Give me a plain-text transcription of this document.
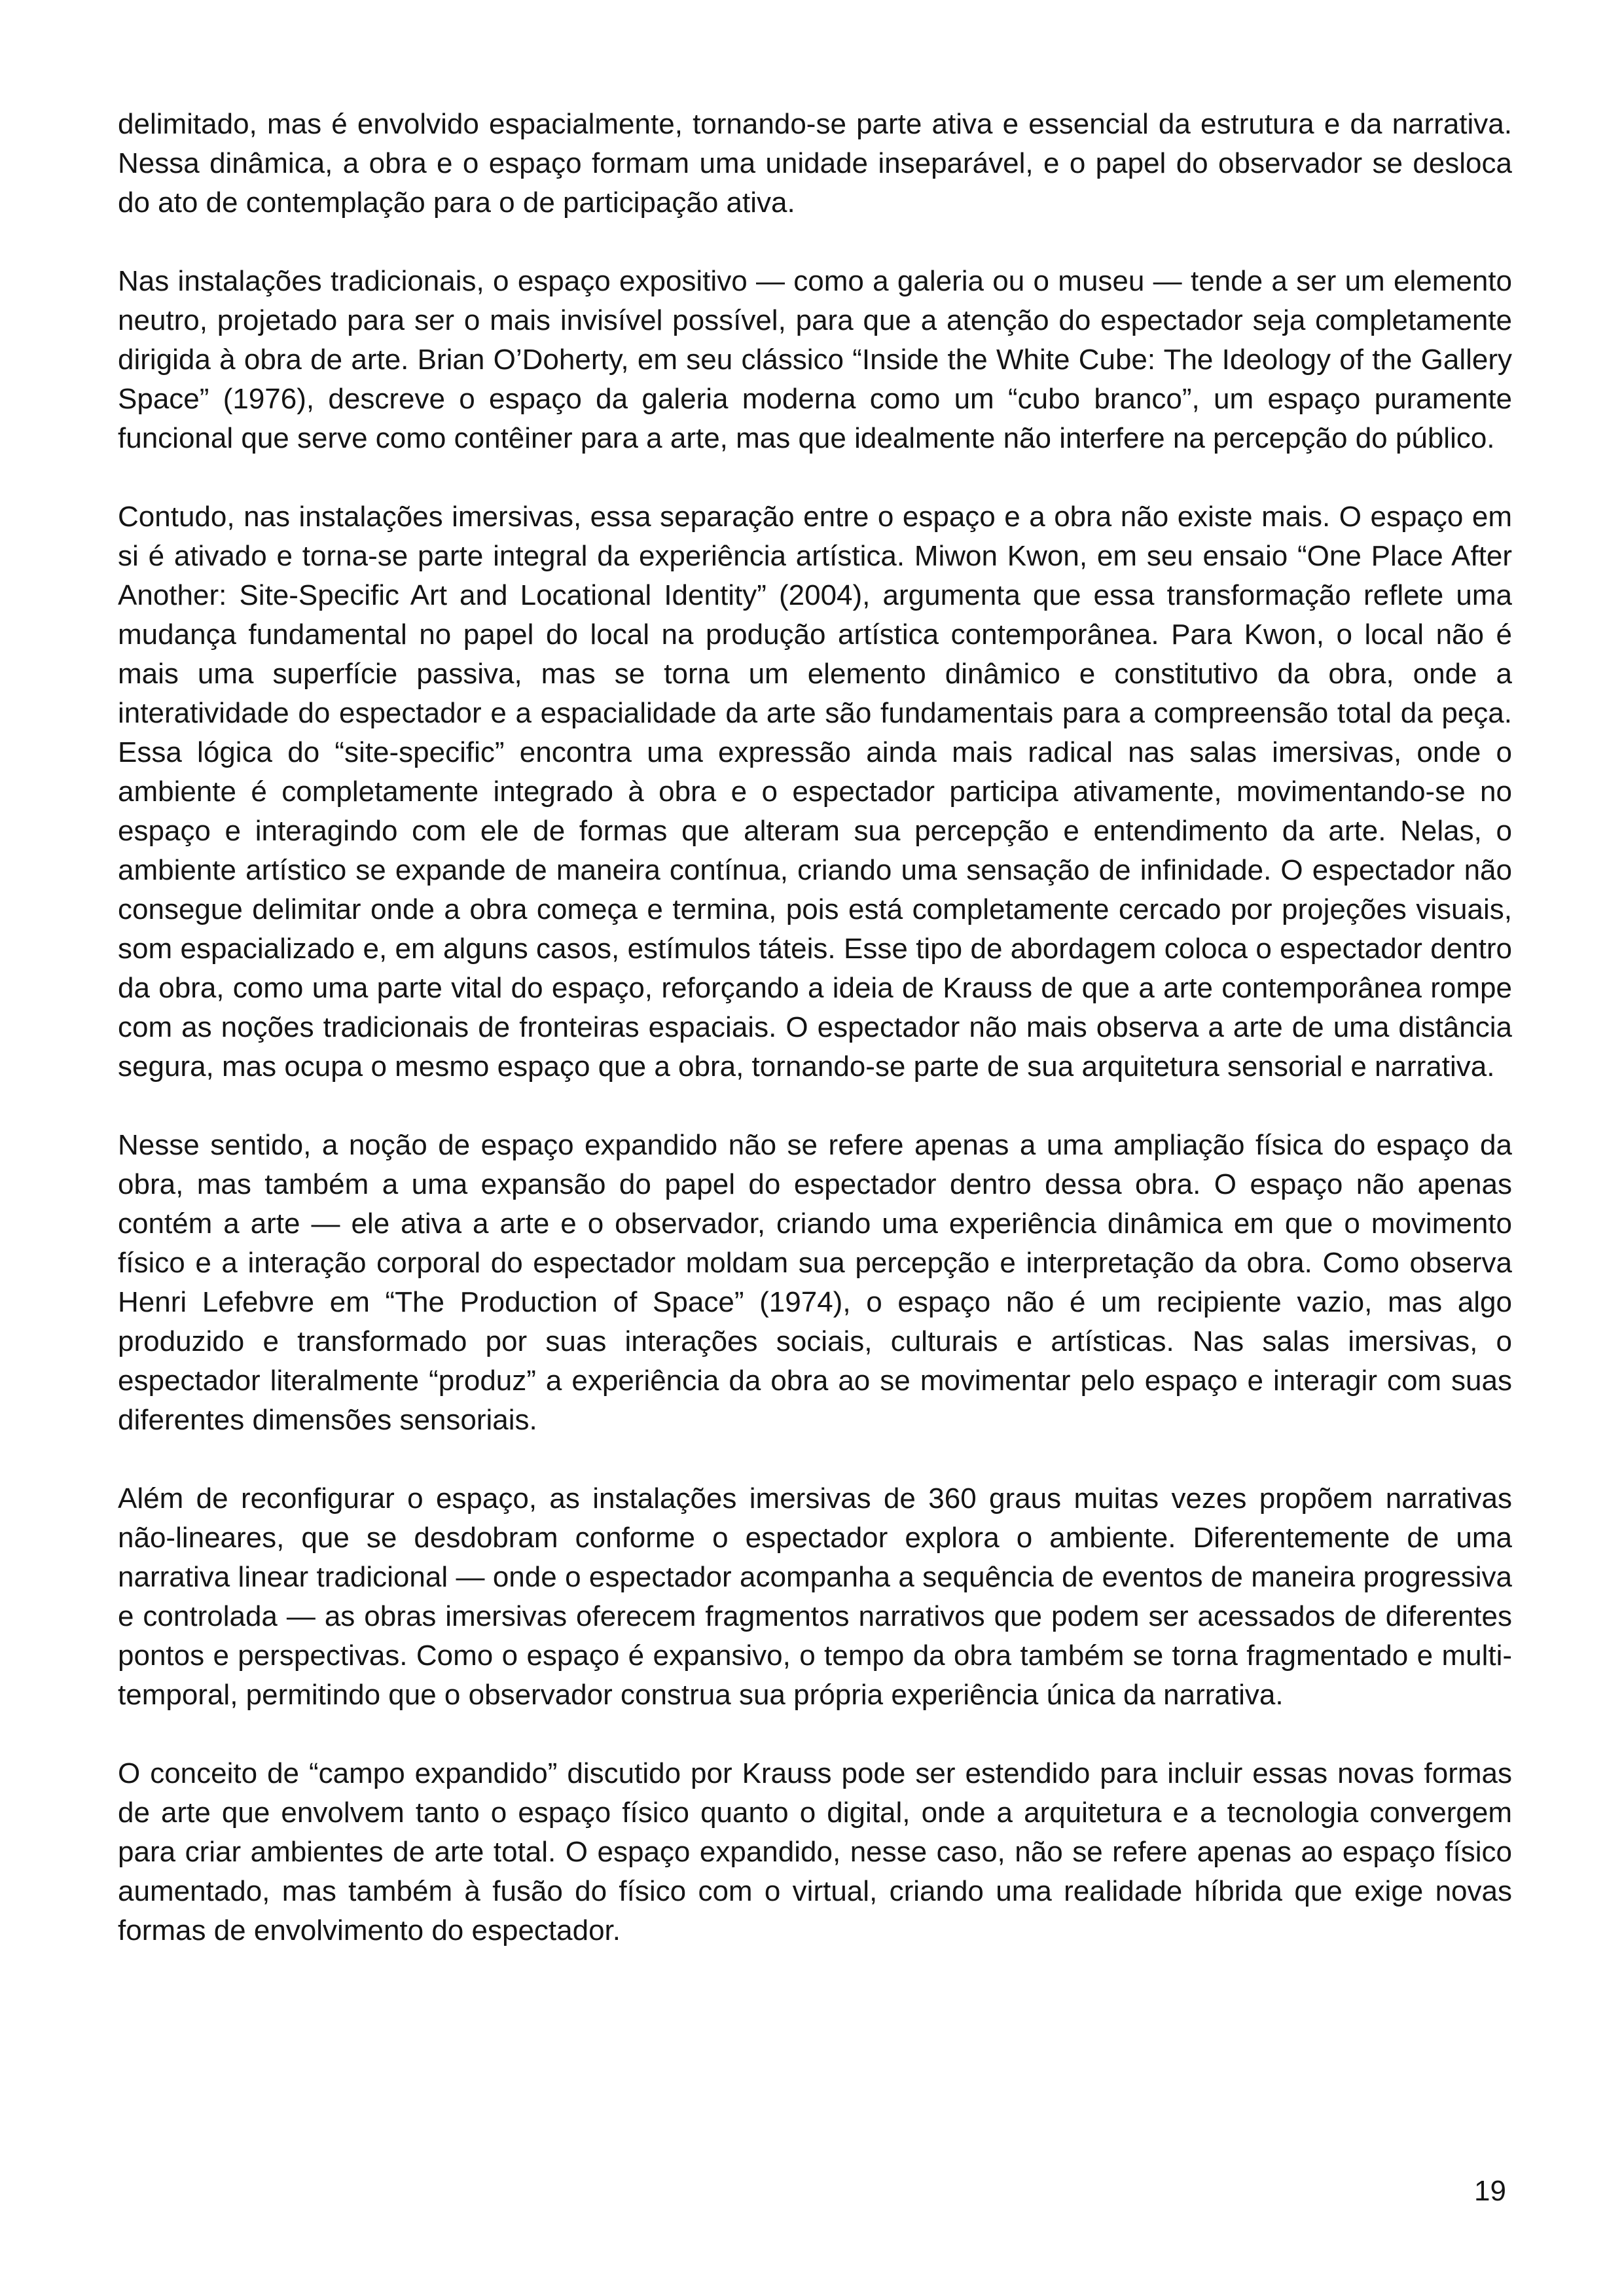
delimitado, mas é envolvido espacialmente, tornando-se parte ativa e essencial da estrutura e da narrativa. Nessa dinâmica, a obra e o espaço formam uma unidade inseparável, e o papel do observador se desloca do ato de contemplação para o de participação ativa.

Nas instalações tradicionais, o espaço expositivo — como a galeria ou o museu — tende a ser um elemento neutro, projetado para ser o mais invisível possível, para que a atenção do espectador seja completamente dirigida à obra de arte. Brian O’Doherty, em seu clássico “Inside the White Cube: The Ideology of the Gallery Space” (1976), descreve o espaço da galeria moderna como um “cubo branco”, um espaço puramente funcional que serve como contêiner para a arte, mas que idealmente não interfere na percepção do público.

Contudo, nas instalações imersivas, essa separação entre o espaço e a obra não existe mais. O espaço em si é ativado e torna-se parte integral da experiência artística. Miwon Kwon, em seu ensaio “One Place After Another: Site-Specific Art and Locational Identity” (2004), argumenta que essa transformação reflete uma mudança fundamental no papel do local na produção artística contemporânea. Para Kwon, o local não é mais uma superfície passiva, mas se torna um elemento dinâmico e constitutivo da obra, onde a interatividade do espectador e a espacialidade da arte são fundamentais para a compreensão total da peça. Essa lógica do “site-specific” encontra uma expressão ainda mais radical nas salas imersivas, onde o ambiente é completamente integrado à obra e o espectador participa ativamente, movimentando-se no espaço e interagindo com ele de formas que alteram sua percepção e entendimento da arte. Nelas, o ambiente artístico se expande de maneira contínua, criando uma sensação de infinidade. O espectador não consegue delimitar onde a obra começa e termina, pois está completamente cercado por projeções visuais, som espacializado e, em alguns casos, estímulos táteis. Esse tipo de abordagem coloca o espectador dentro da obra, como uma parte vital do espaço, reforçando a ideia de Krauss de que a arte contemporânea rompe com as noções tradicionais de fronteiras espaciais. O espectador não mais observa a arte de uma distância segura, mas ocupa o mesmo espaço que a obra, tornando-se parte de sua arquitetura sensorial e narrativa.

Nesse sentido, a noção de espaço expandido não se refere apenas a uma ampliação física do espaço da obra, mas também a uma expansão do papel do espectador dentro dessa obra. O espaço não apenas contém a arte — ele ativa a arte e o observador, criando uma experiência dinâmica em que o movimento físico e a interação corporal do espectador moldam sua percepção e interpretação da obra. Como observa Henri Lefebvre em “The Production of Space” (1974), o espaço não é um recipiente vazio, mas algo produzido e transformado por suas interações sociais, culturais e artísticas. Nas salas imersivas, o espectador literalmente “produz” a experiência da obra ao se movimentar pelo espaço e interagir com suas diferentes dimensões sensoriais.

Além de reconfigurar o espaço, as instalações imersivas de 360 graus muitas vezes propõem narrativas não-lineares, que se desdobram conforme o espectador explora o ambiente. Diferentemente de uma narrativa linear tradicional — onde o espectador acompanha a sequência de eventos de maneira progressiva e controlada — as obras imersivas oferecem fragmentos narrativos que podem ser acessados de diferentes pontos e perspectivas. Como o espaço é expansivo, o tempo da obra também se torna fragmentado e multi-temporal, permitindo que o observador construa sua própria experiência única da narrativa.

O conceito de “campo expandido” discutido por Krauss pode ser estendido para incluir essas novas formas de arte que envolvem tanto o espaço físico quanto o digital, onde a arquitetura e a tecnologia convergem para criar ambientes de arte total. O espaço expandido, nesse caso, não se refere apenas ao espaço físico aumentado, mas também à fusão do físico com o virtual, criando uma realidade híbrida que exige novas formas de envolvimento do espectador.

19
